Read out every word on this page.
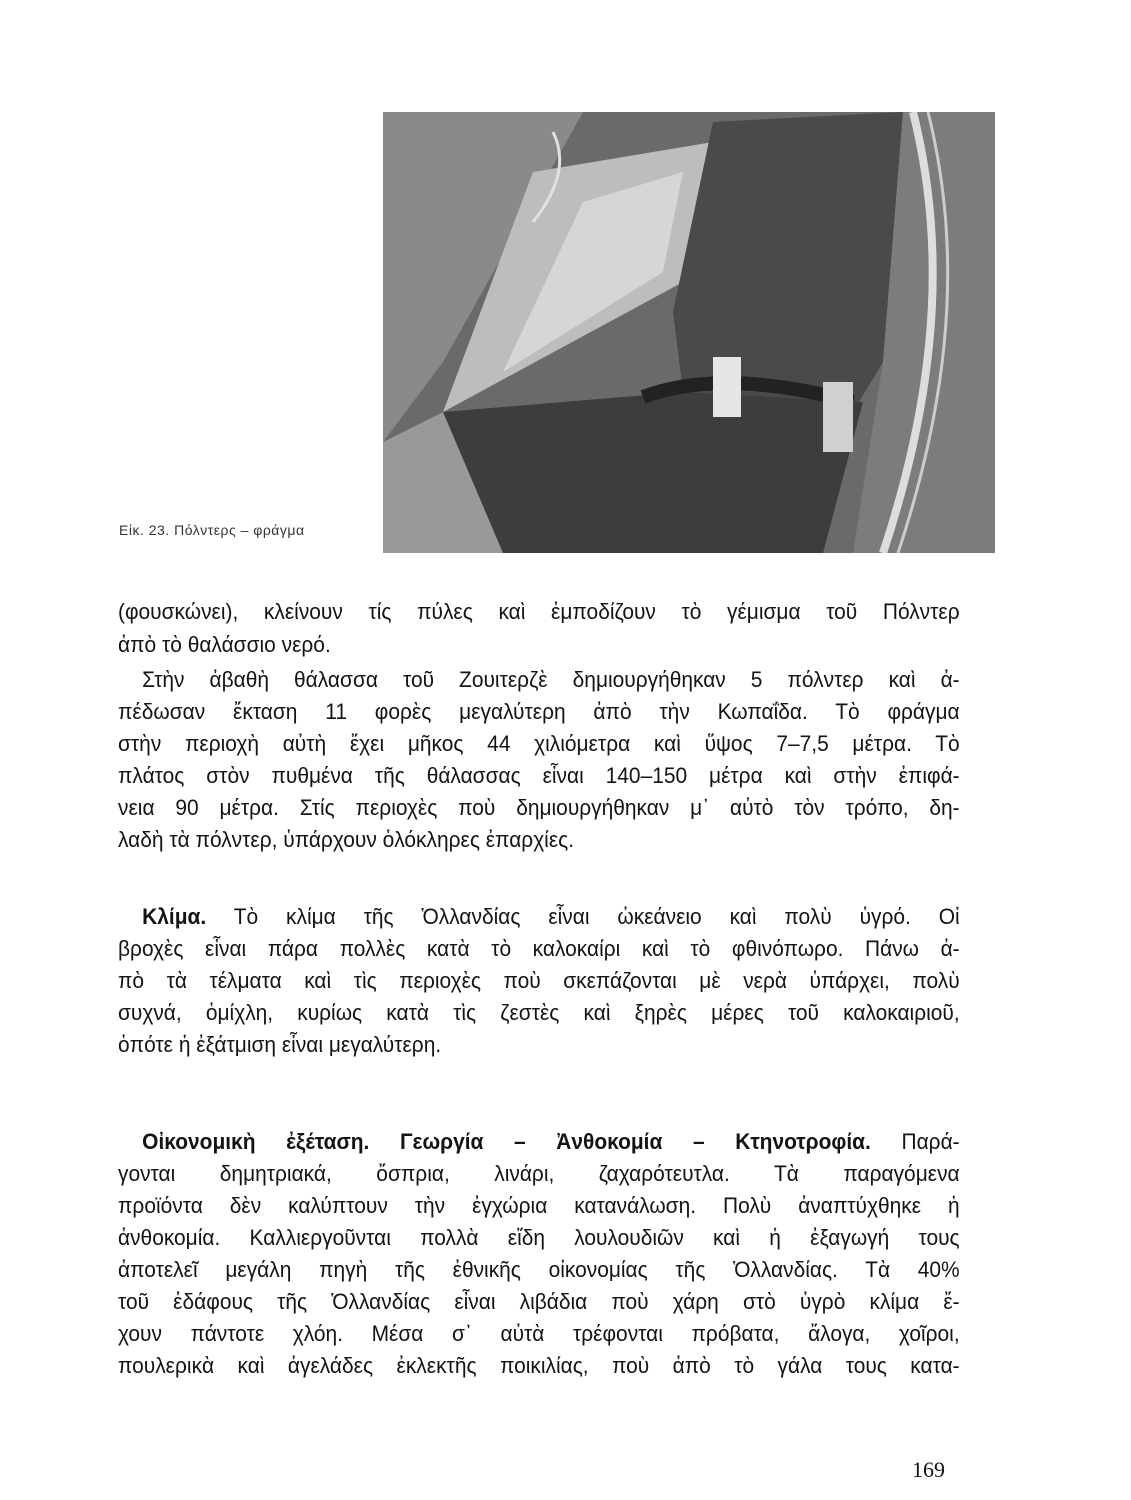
Εἰκ. 23. Πόλντερς – φράγμα
(φουσκώνει), κλείνουν τίς πύλες καὶ ἐμποδίζουν τὸ γέμισμα τοῦ Πόλντερ
ἀπὸ τὸ θαλάσσιο νερό.
Στὴν ἀβαθὴ θάλασσα τοῦ Ζουιτερζὲ δημιουργήθηκαν 5 πόλντερ καὶ ἀ-
πέδωσαν ἔκταση 11 φορὲς μεγαλύτερη ἀπὸ τὴν Κωπαΐδα. Τὸ φράγμα
στὴν περιοχὴ αὐτὴ ἔχει μῆκος 44 χιλιόμετρα καὶ ὕψος 7–7,5 μέτρα. Τὸ
πλάτος στὸν πυθμένα τῆς θάλασσας εἶναι 140–150 μέτρα καὶ στὴν ἐπιφά-
νεια 90 μέτρα. Στίς περιοχὲς ποὺ δημιουργήθηκαν μ᾽ αὐτὸ τὸν τρόπο, δη-
λαδὴ τὰ πόλντερ, ὑπάρχουν ὁλόκληρες ἐπαρχίες.
Κλίμα. Τὸ κλίμα τῆς Ὁλλανδίας εἶναι ὠκεάνειο καὶ πολὺ ὑγρό. Οἱ
βροχὲς εἶναι πάρα πολλὲς κατὰ τὸ καλοκαίρι καὶ τὸ φθινόπωρο. Πάνω ἀ-
πὸ τὰ τέλματα καὶ τὶς περιοχὲς ποὺ σκεπάζονται μὲ νερὰ ὑπάρχει, πολὺ
συχνά, ὁμίχλη, κυρίως κατὰ τὶς ζεστὲς καὶ ξηρὲς μέρες τοῦ καλοκαιριοῦ,
ὁπότε ἡ ἐξάτμιση εἶναι μεγαλύτερη.
Οἰκονομικὴ ἐξέταση. Γεωργία – Ἀνθοκομία – Κτηνοτροφία. Παρά-
γονται δημητριακά, ὄσπρια, λινάρι, ζαχαρότευτλα. Τὰ παραγόμενα
προϊόντα δὲν καλύπτουν τὴν ἐγχώρια κατανάλωση. Πολὺ ἀναπτύχθηκε ἡ
ἀνθοκομία. Καλλιεργοῦνται πολλὰ εἴδη λουλουδιῶν καὶ ἡ ἐξαγωγή τους
ἀποτελεῖ μεγάλη πηγὴ τῆς ἐθνικῆς οἰκονομίας τῆς Ὁλλανδίας. Τὰ 40%
τοῦ ἐδάφους τῆς Ὁλλανδίας εἶναι λιβάδια ποὺ χάρη στὸ ὑγρὸ κλίμα ἔ-
χουν πάντοτε χλόη. Μέσα σ᾽ αὐτὰ τρέφονται πρόβατα, ἄλογα, χοῖροι,
πουλερικὰ καὶ ἀγελάδες ἐκλεκτῆς ποικιλίας, ποὺ ἀπὸ τὸ γάλα τους κατα-
169
